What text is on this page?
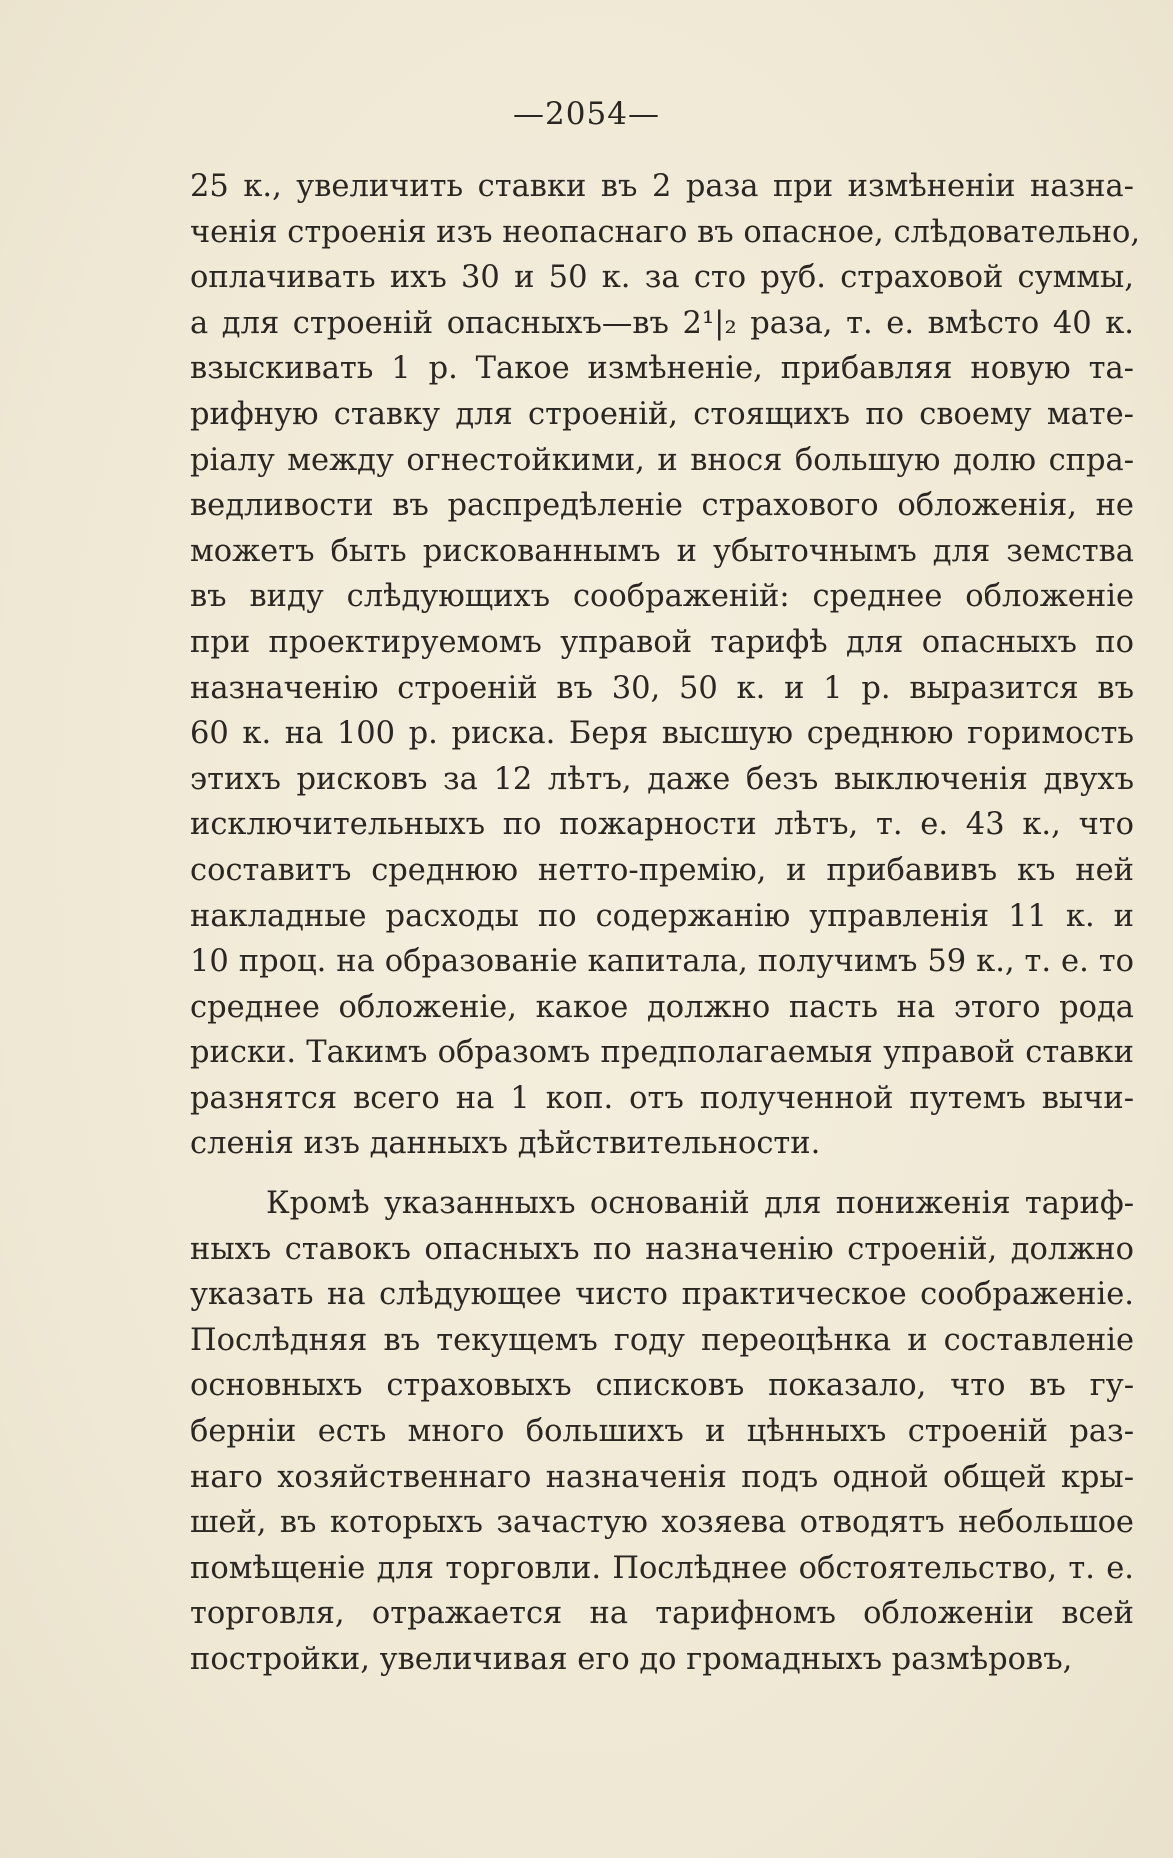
—2054—
25 к., увеличить ставки въ 2 раза при измѣненіи назна-
ченія строенія изъ неопаснаго въ опасное, слѣдовательно,
оплачивать ихъ 30 и 50 к. за сто руб. страховой суммы,
а для строеній опасныхъ—въ 2¹|₂ раза, т. е. вмѣсто 40 к.
взыскивать 1 р. Такое измѣненіе, прибавляя новую та-
рифную ставку для строеній, стоящихъ по своему мате-
ріалу между огнестойкими, и внося большую долю спра-
ведливости въ распредѣленіе страхового обложенія, не
можетъ быть рискованнымъ и убыточнымъ для земства
въ виду слѣдующихъ соображеній: среднее обложеніе
при проектируемомъ управой тарифѣ для опасныхъ по
назначенію строеній въ 30, 50 к. и 1 р. выразится въ
60 к. на 100 р. риска. Беря высшую среднюю горимость
этихъ рисковъ за 12 лѣтъ, даже безъ выключенія двухъ
исключительныхъ по пожарности лѣтъ, т. е. 43 к., что
составитъ среднюю нетто-премію, и прибавивъ къ ней
накладные расходы по содержанію управленія 11 к. и
10 проц. на образованіе капитала, получимъ 59 к., т. е. то
среднее обложеніе, какое должно пасть на этого рода
риски. Такимъ образомъ предполагаемыя управой ставки
разнятся всего на 1 коп. отъ полученной путемъ вычи-
сленія изъ данныхъ дѣйствительности.
Кромѣ указанныхъ основаній для пониженія тариф-
ныхъ ставокъ опасныхъ по назначенію строеній, должно
указать на слѣдующее чисто практическое соображеніе.
Послѣдняя въ текущемъ году переоцѣнка и составленіе
основныхъ страховыхъ списковъ показало, что въ гу-
берніи есть много большихъ и цѣнныхъ строеній раз-
наго хозяйственнаго назначенія подъ одной общей кры-
шей, въ которыхъ зачастую хозяева отводятъ небольшое
помѣщеніе для торговли. Послѣднее обстоятельство, т. е.
торговля, отражается на тарифномъ обложеніи всей
постройки, увеличивая его до громадныхъ размѣровъ,
